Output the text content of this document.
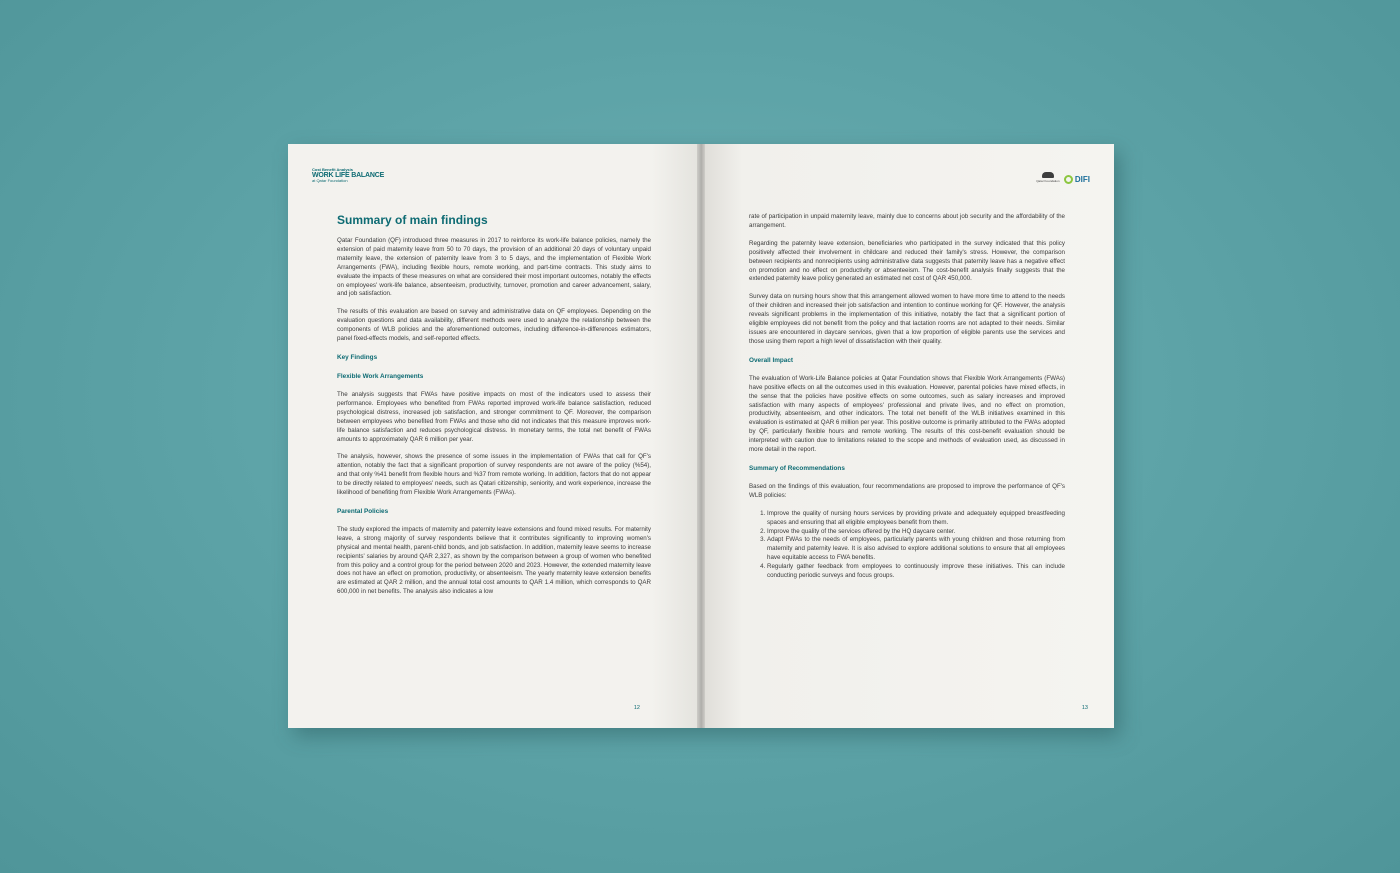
Cost Benefit Analysis
WORK LIFE BALANCE
at Qatar Foundation
Summary of main findings

Qatar Foundation (QF) introduced three measures in 2017 to reinforce its work-life balance policies, namely the extension of paid maternity leave from 50 to 70 days, the provision of an additional 20 days of voluntary unpaid maternity leave, the extension of paternity leave from 3 to 5 days, and the implementation of Flexible Work Arrangements (FWA), including flexible hours, remote working, and part-time contracts. This study aims to evaluate the impacts of these measures on what are considered their most important outcomes, notably the effects on employees' work-life balance, absenteeism, productivity, turnover, promotion and career advancement, salary, and job satisfaction.

The results of this evaluation are based on survey and administrative data on QF employees. Depending on the evaluation questions and data availability, different methods were used to analyze the relationship between the components of WLB policies and the aforementioned outcomes, including difference-in-differences estimators, panel fixed-effects models, and self-reported effects.

Key Findings
Flexible Work Arrangements

The analysis suggests that FWAs have positive impacts on most of the indicators used to assess their performance. Employees who benefited from FWAs reported improved work-life balance satisfaction, reduced psychological distress, increased job satisfaction, and stronger commitment to QF. Moreover, the comparison between employees who benefited from FWAs and those who did not indicates that this measure improves work-life balance satisfaction and reduces psychological distress. In monetary terms, the total net benefit of FWAs amounts to approximately QAR 6 million per year.

The analysis, however, shows the presence of some issues in the implementation of FWAs that call for QF's attention, notably the fact that a significant proportion of survey respondents are not aware of the policy (%54), and that only %41 benefit from flexible hours and %37 from remote working. In addition, factors that do not appear to be directly related to employees' needs, such as Qatari citizenship, seniority, and work experience, increase the likelihood of benefiting from Flexible Work Arrangements (FWAs).

Parental Policies

The study explored the impacts of maternity and paternity leave extensions and found mixed results. For maternity leave, a strong majority of survey respondents believe that it contributes significantly to improving women's physical and mental health, parent-child bonds, and job satisfaction. In addition, maternity leave seems to increase recipients' salaries by around QAR 2,327, as shown by the comparison between a group of women who benefited from this policy and a control group for the period between 2020 and 2023. However, the extended maternity leave does not have an effect on promotion, productivity, or absenteeism. The yearly maternity leave extension benefits are estimated at QAR 2 million, and the annual total cost amounts to QAR 1.4 million, which corresponds to QAR 600,000 in net benefits. The analysis also indicates a low

12
Qatar Foundation DIFI

rate of participation in unpaid maternity leave, mainly due to concerns about job security and the affordability of the arrangement.

Regarding the paternity leave extension, beneficiaries who participated in the survey indicated that this policy positively affected their involvement in childcare and reduced their family's stress. However, the comparison between recipients and nonrecipients using administrative data suggests that paternity leave has a negative effect on promotion and no effect on productivity or absenteeism. The cost-benefit analysis finally suggests that the extended paternity leave policy generated an estimated net cost of QAR 450,000.

Survey data on nursing hours show that this arrangement allowed women to have more time to attend to the needs of their children and increased their job satisfaction and intention to continue working for QF. However, the analysis reveals significant problems in the implementation of this initiative, notably the fact that a significant portion of eligible employees did not benefit from the policy and that lactation rooms are not adapted to their needs. Similar issues are encountered in daycare services, given that a low proportion of eligible parents use the services and those using them report a high level of dissatisfaction with their quality.

Overall Impact

The evaluation of Work-Life Balance policies at Qatar Foundation shows that Flexible Work Arrangements (FWAs) have positive effects on all the outcomes used in this evaluation. However, parental policies have mixed effects, in the sense that the policies have positive effects on some outcomes, such as salary increases and improved satisfaction with many aspects of employees' professional and private lives, and no effect on promotion, productivity, absenteeism, and other indicators. The total net benefit of the WLB initiatives examined in this evaluation is estimated at QAR 6 million per year. This positive outcome is primarily attributed to the FWAs adopted by QF, particularly flexible hours and remote working. The results of this cost-benefit evaluation should be interpreted with caution due to limitations related to the scope and methods of evaluation used, as discussed in more detail in the report.

Summary of Recommendations

Based on the findings of this evaluation, four recommendations are proposed to improve the performance of QF's WLB policies:

1. Improve the quality of nursing hours services by providing private and adequately equipped breastfeeding spaces and ensuring that all eligible employees benefit from them.
2. Improve the quality of the services offered by the HQ daycare center.
3. Adapt FWAs to the needs of employees, particularly parents with young children and those returning from maternity and paternity leave. It is also advised to explore additional solutions to ensure that all employees have equitable access to FWA benefits.
4. Regularly gather feedback from employees to continuously improve these initiatives. This can include conducting periodic surveys and focus groups.
13
